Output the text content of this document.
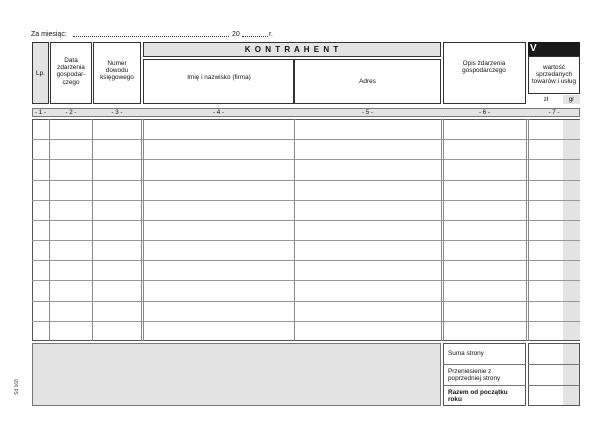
Za miesiąc:	20	r.
Lp.
Data zdarzenia gospodar-czego
Numer dowodu księgowego
K O N T R A H E N T
Imię i nazwisko (firma)
Adres
Opis zdarzenia gospodarczego
V
wartość sprzedanych towarów i usług
zł	gr
- 1 -	- 2 -	- 3 -	- 4 -	- 5 -	- 6 -	- 7 -
Suma strony
Przeniesienie z poprzedniej strony
Razem od początku roku
Sd 168
